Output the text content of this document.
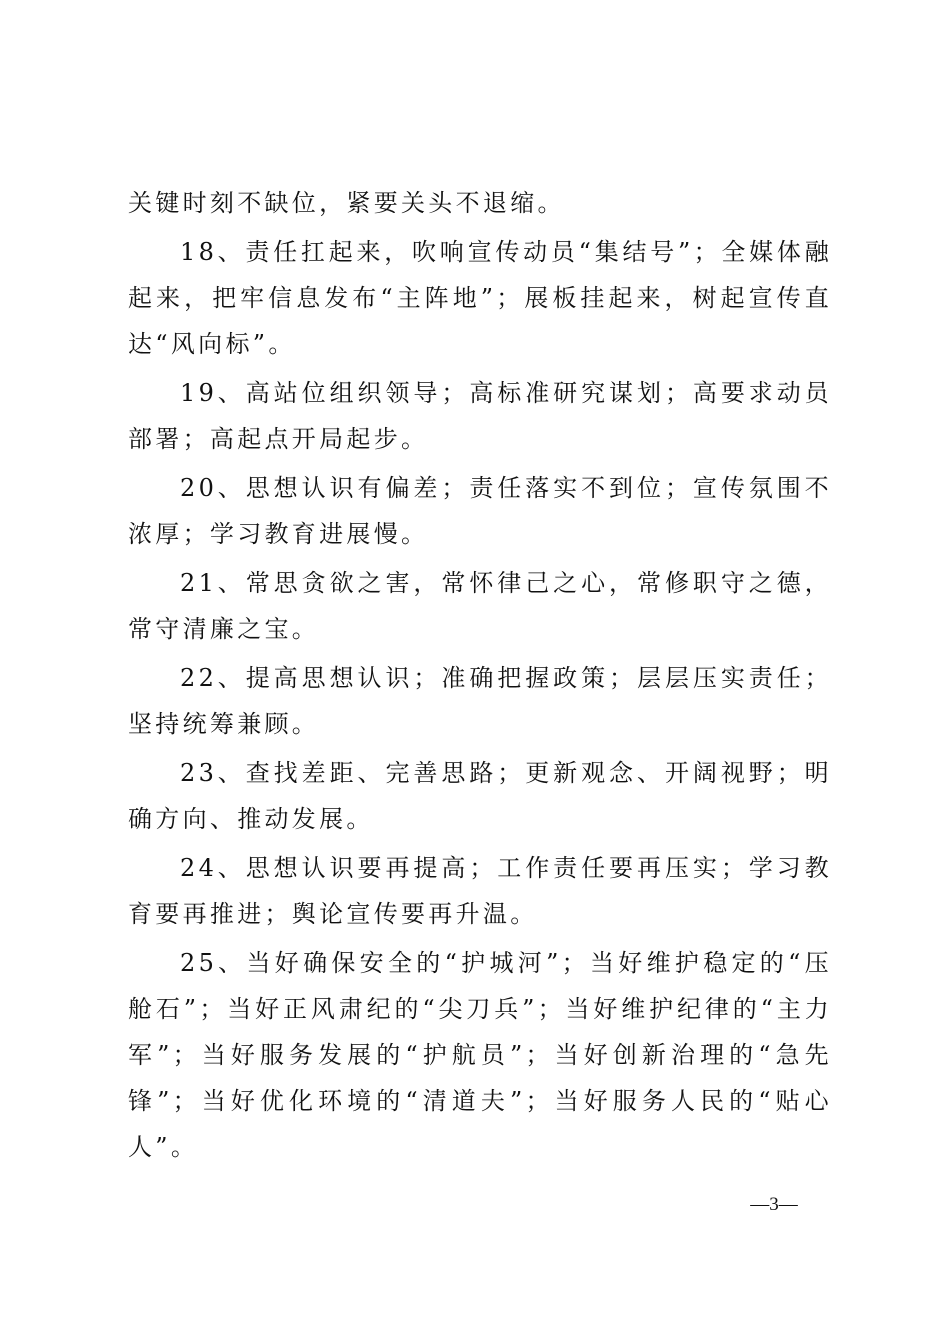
关键时刻不缺位，紧要关头不退缩。

18、责任扛起来，吹响宣传动员“集结号”；全媒体融起来，把牢信息发布“主阵地”；展板挂起来，树起宣传直达“风向标”。

19、高站位组织领导；高标准研究谋划；高要求动员部署；高起点开局起步。

20、思想认识有偏差；责任落实不到位；宣传氛围不浓厚；学习教育进展慢。

21、常思贪欲之害，常怀律己之心，常修职守之德，常守清廉之宝。

22、提高思想认识；准确把握政策；层层压实责任；坚持统筹兼顾。

23、查找差距、完善思路；更新观念、开阔视野；明确方向、推动发展。

24、思想认识要再提高；工作责任要再压实；学习教育要再推进；舆论宣传要再升温。

25、当好确保安全的“护城河”；当好维护稳定的“压舱石”；当好正风肃纪的“尖刀兵”；当好维护纪律的“主力军”；当好服务发展的“护航员”；当好创新治理的“急先锋”；当好优化环境的“清道夫”；当好服务人民的“贴心人”。

—3—
